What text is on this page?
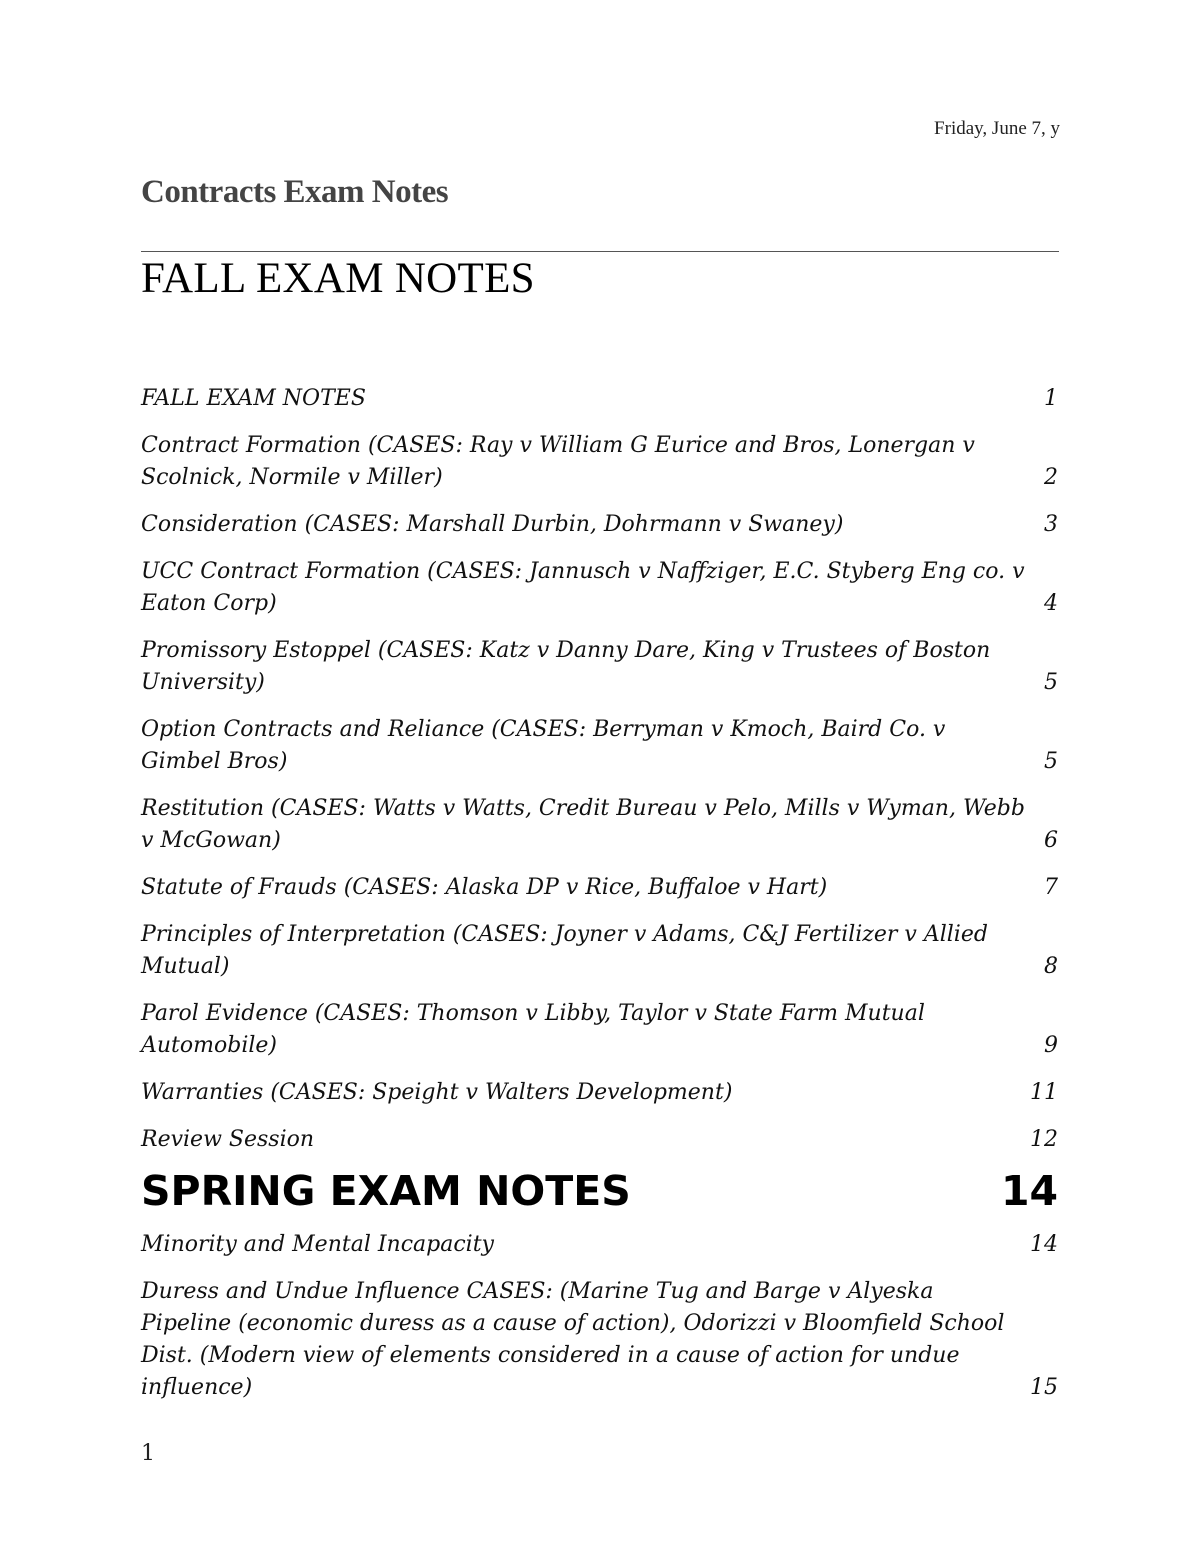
Friday, June 7, y
Contracts Exam Notes
FALL EXAM NOTES
FALL EXAM NOTES	1
Contract Formation (CASES: Ray v William G Eurice and Bros, Lonergan v Scolnick, Normile v Miller)	2
Consideration (CASES: Marshall Durbin, Dohrmann v Swaney)	3
UCC Contract Formation (CASES: Jannusch v Naffziger, E.C. Styberg Eng co. v Eaton Corp)	4
Promissory Estoppel (CASES: Katz v Danny Dare, King v Trustees of Boston University)	5
Option Contracts and Reliance (CASES: Berryman v Kmoch, Baird Co. v Gimbel Bros)	5
Restitution (CASES: Watts v Watts, Credit Bureau v Pelo, Mills v Wyman, Webb v McGowan)	6
Statute of Frauds (CASES: Alaska DP v Rice, Buffaloe v Hart)	7
Principles of Interpretation (CASES: Joyner v Adams, C&J Fertilizer v Allied Mutual)	8
Parol Evidence (CASES: Thomson v Libby, Taylor v State Farm Mutual Automobile)	9
Warranties (CASES: Speight v Walters Development)	11
Review Session	12
SPRING EXAM NOTES	14
Minority and Mental Incapacity	14
Duress and Undue Influence CASES: (Marine Tug and Barge v Alyeska Pipeline (economic duress as a cause of action), Odorizzi v Bloomfield School Dist. (Modern view of elements considered in a cause of action for undue influence)	15
1
